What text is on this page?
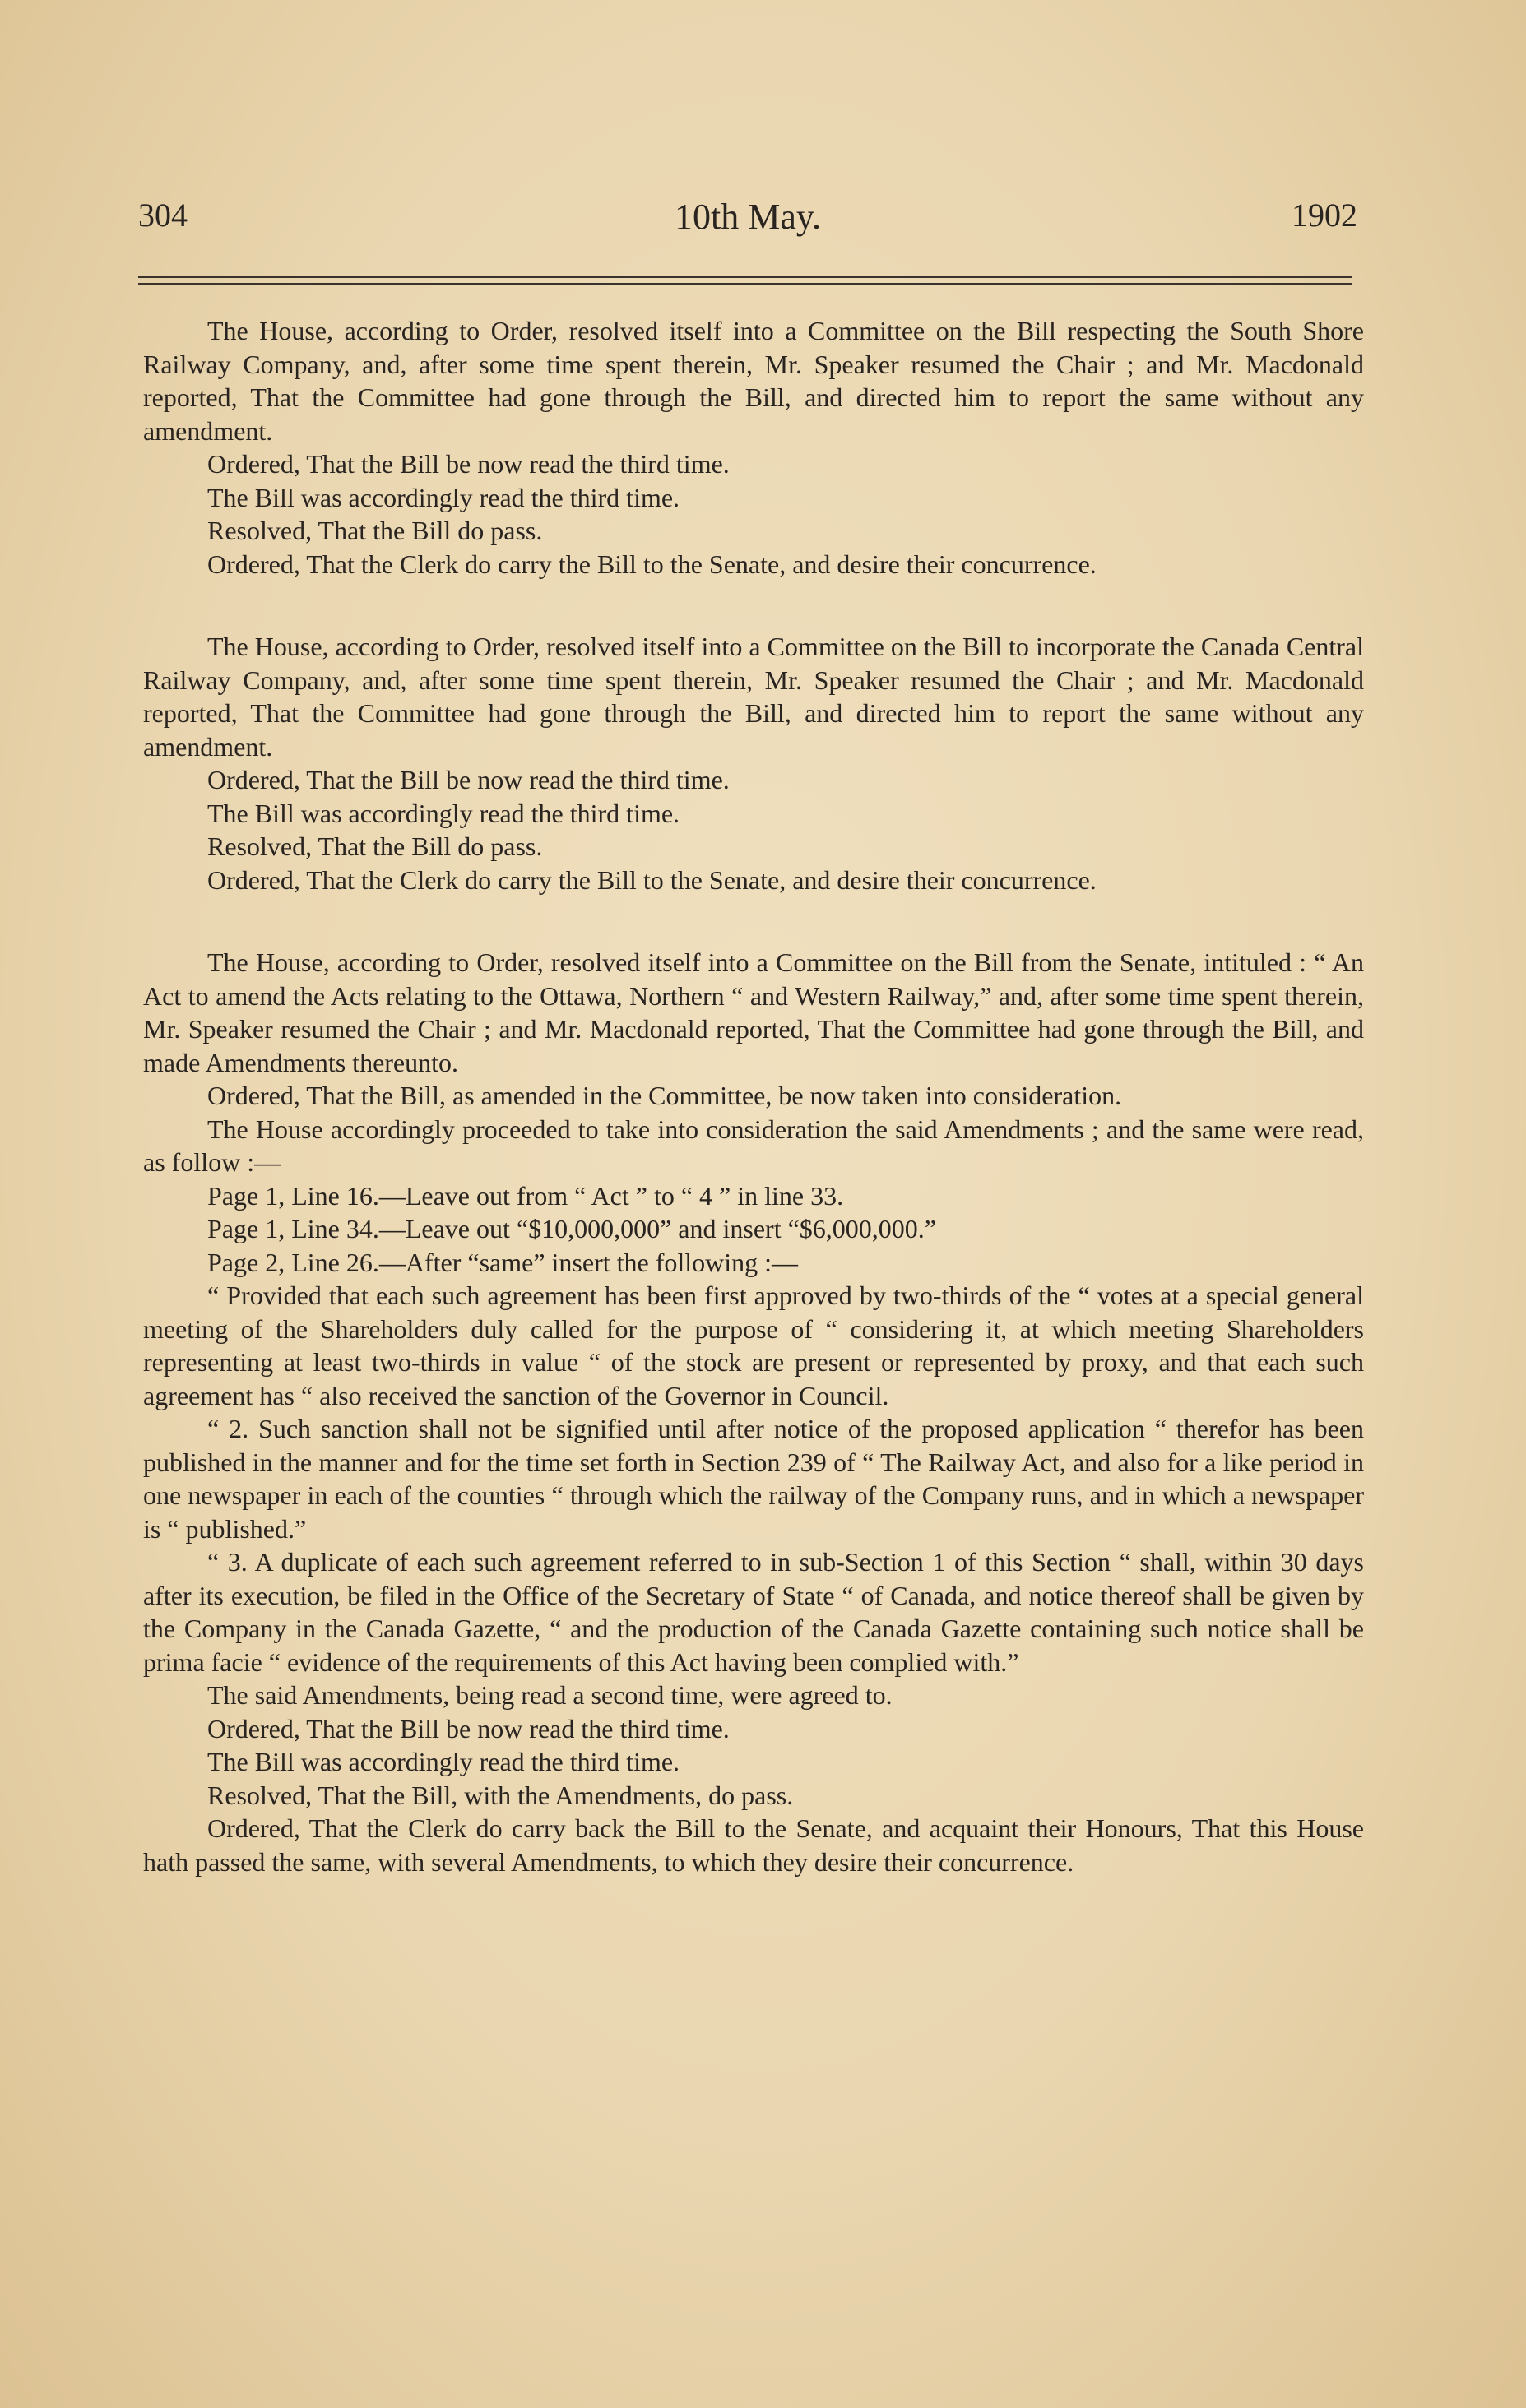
304	10th May.	1902

The House, according to Order, resolved itself into a Committee on the Bill respecting the South Shore Railway Company, and, after some time spent therein, Mr. Speaker resumed the Chair ; and Mr. Macdonald reported, That the Committee had gone through the Bill, and directed him to report the same without any amendment.

Ordered, That the Bill be now read the third time.

The Bill was accordingly read the third time.

Resolved, That the Bill do pass.

Ordered, That the Clerk do carry the Bill to the Senate, and desire their concurrence.

The House, according to Order, resolved itself into a Committee on the Bill to incorporate the Canada Central Railway Company, and, after some time spent therein, Mr. Speaker resumed the Chair ; and Mr. Macdonald reported, That the Committee had gone through the Bill, and directed him to report the same without any amendment.

Ordered, That the Bill be now read the third time.

The Bill was accordingly read the third time.

Resolved, That the Bill do pass.

Ordered, That the Clerk do carry the Bill to the Senate, and desire their concurrence.

The House, according to Order, resolved itself into a Committee on the Bill from the Senate, intituled : “ An Act to amend the Acts relating to the Ottawa, Northern “ and Western Railway,” and, after some time spent therein, Mr. Speaker resumed the Chair ; and Mr. Macdonald reported, That the Committee had gone through the Bill, and made Amendments thereunto.

Ordered, That the Bill, as amended in the Committee, be now taken into consideration.

The House accordingly proceeded to take into consideration the said Amendments ; and the same were read, as follow :—

Page 1, Line 16.—Leave out from “ Act ” to “ 4 ” in line 33.

Page 1, Line 34.—Leave out “$10,000,000” and insert “$6,000,000.”

Page 2, Line 26.—After “same” insert the following :—

“ Provided that each such agreement has been first approved by two-thirds of the “ votes at a special general meeting of the Shareholders duly called for the purpose of “ considering it, at which meeting Shareholders representing at least two-thirds in value “ of the stock are present or represented by proxy, and that each such agreement has “ also received the sanction of the Governor in Council.

“ 2. Such sanction shall not be signified until after notice of the proposed application “ therefor has been published in the manner and for the time set forth in Section 239 of “ The Railway Act, and also for a like period in one newspaper in each of the counties “ through which the railway of the Company runs, and in which a newspaper is “ published.”

“ 3. A duplicate of each such agreement referred to in sub-Section 1 of this Section “ shall, within 30 days after its execution, be filed in the Office of the Secretary of State “ of Canada, and notice thereof shall be given by the Company in the Canada Gazette, “ and the production of the Canada Gazette containing such notice shall be prima facie “ evidence of the requirements of this Act having been complied with.”

The said Amendments, being read a second time, were agreed to.

Ordered, That the Bill be now read the third time.

The Bill was accordingly read the third time.

Resolved, That the Bill, with the Amendments, do pass.

Ordered, That the Clerk do carry back the Bill to the Senate, and acquaint their Honours, That this House hath passed the same, with several Amendments, to which they desire their concurrence.
